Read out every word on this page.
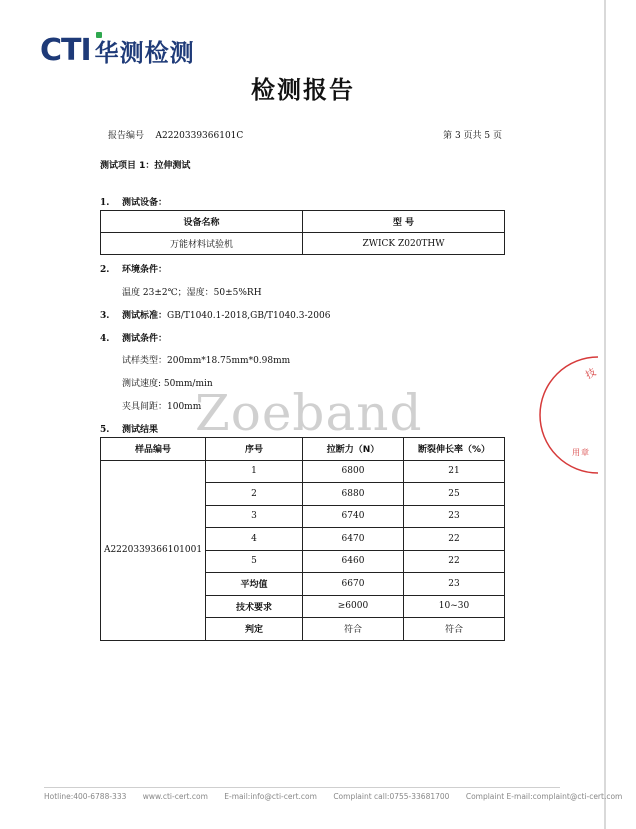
CTI 华测检测
检测报告
报告编号 A2220339366101C	第 3 页共 5 页
测试项目 1：拉伸测试
1. 测试设备：
设备名称	型 号
万能材料试验机	ZWICK Z020THW
2. 环境条件：
温度 23±2℃；湿度：50±5%RH
3. 测试标准：GB/T1040.1-2018,GB/T1040.3-2006
4. 测试条件：
试样类型：200mm*18.75mm*0.98mm
测试速度: 50mm/min
夹具间距：100mm
5. 测试结果
样品编号	序号	拉断力（N）	断裂伸长率（%）
A2220339366101001	1	6800	21
	2	6880	25
	3	6740	23
	4	6470	22
	5	6460	22
	平均值	6670	23
	技术要求	≥6000	10~30
	判定	符合	符合
Zoeband
技
用 章
Hotline:400-6788-333 www.cti-cert.com E-mail:info@cti-cert.com Complaint call:0755-33681700 Complaint E-mail:complaint@cti-cert.com
